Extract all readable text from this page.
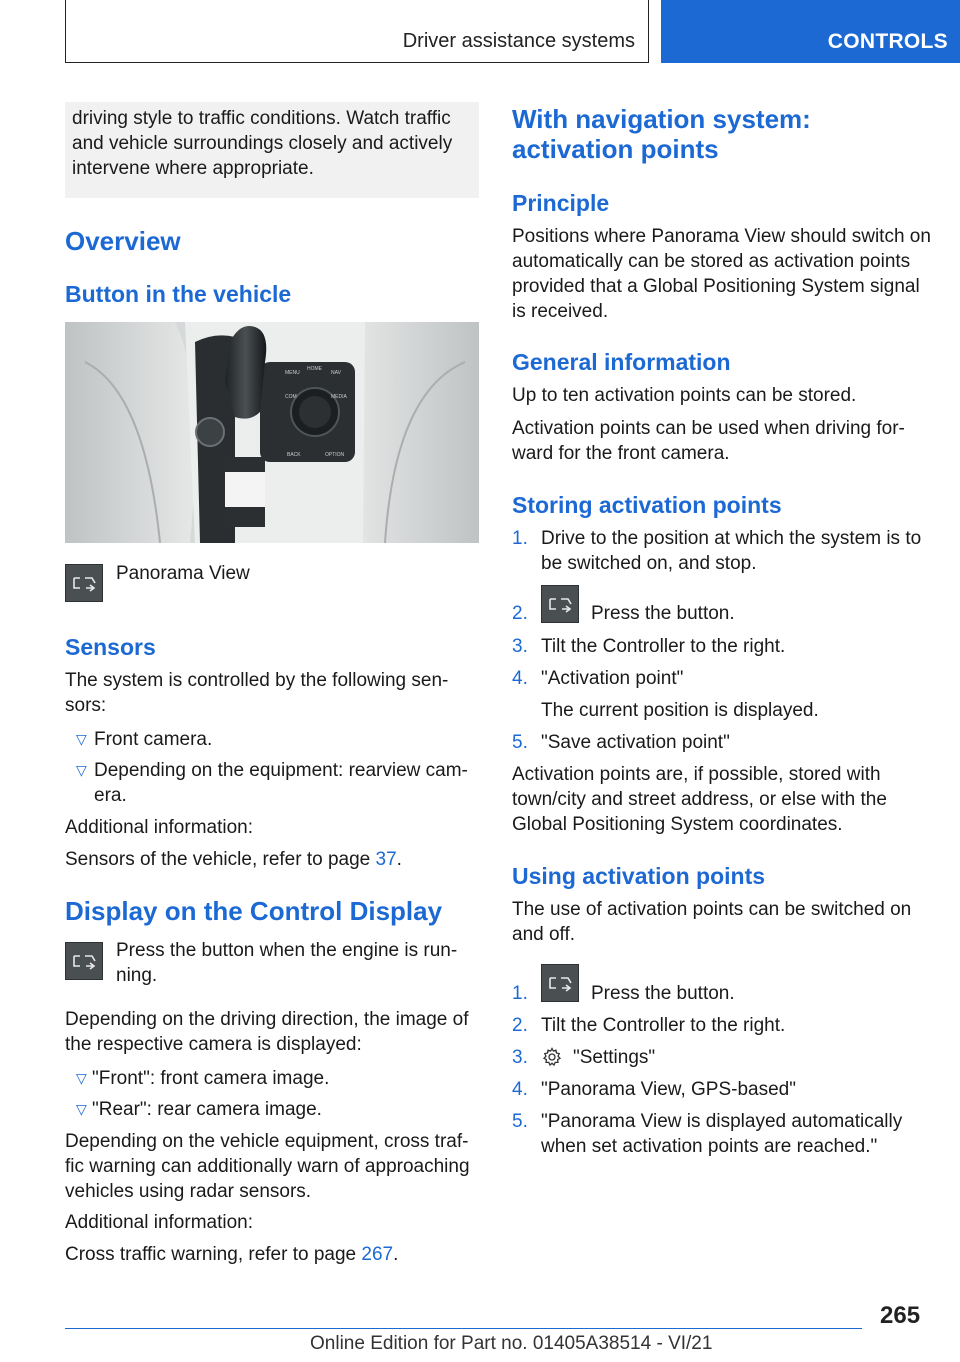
Driver assistance systems	CONTROLS

driving style to traffic conditions. Watch traffic and vehicle surroundings closely and actively intervene where appropriate.

Overview
Button in the vehicle
MENU
HOME
NAV
COM	MEDIA
BACK	OPTION
Panorama View
Sensors
The system is controlled by the following sen-sors:
▽ Front camera.
▽ Depending on the equipment: rearview cam-era.
Additional information:
Sensors of the vehicle, refer to page 37.
Display on the Control Display
Press the button when the engine is run-ning.
Depending on the driving direction, the image of the respective camera is displayed:
▽ "Front": front camera image.
▽ "Rear": rear camera image.
Depending on the vehicle equipment, cross traf-fic warning can additionally warn of approaching vehicles using radar sensors.
Additional information:
Cross traffic warning, refer to page 267.
With navigation system: activation points
Principle
Positions where Panorama View should switch on automatically can be stored as activation points provided that a Global Positioning System signal is received.
General information
Up to ten activation points can be stored.
Activation points can be used when driving for-ward for the front camera.
Storing activation points
1. Drive to the position at which the system is to be switched on, and stop.
2.	Press the button.
3. Tilt the Controller to the right.
4. "Activation point"
The current position is displayed.
5. "Save activation point"
Activation points are, if possible, stored with town/city and street address, or else with the Global Positioning System coordinates.
Using activation points
The use of activation points can be switched on and off.
1.	Press the button.
2. Tilt the Controller to the right.
3. "Settings"
4. "Panorama View, GPS-based"
5. "Panorama View is displayed automatically when set activation points are reached."
265
Online Edition for Part no. 01405A38514 - VI/21
